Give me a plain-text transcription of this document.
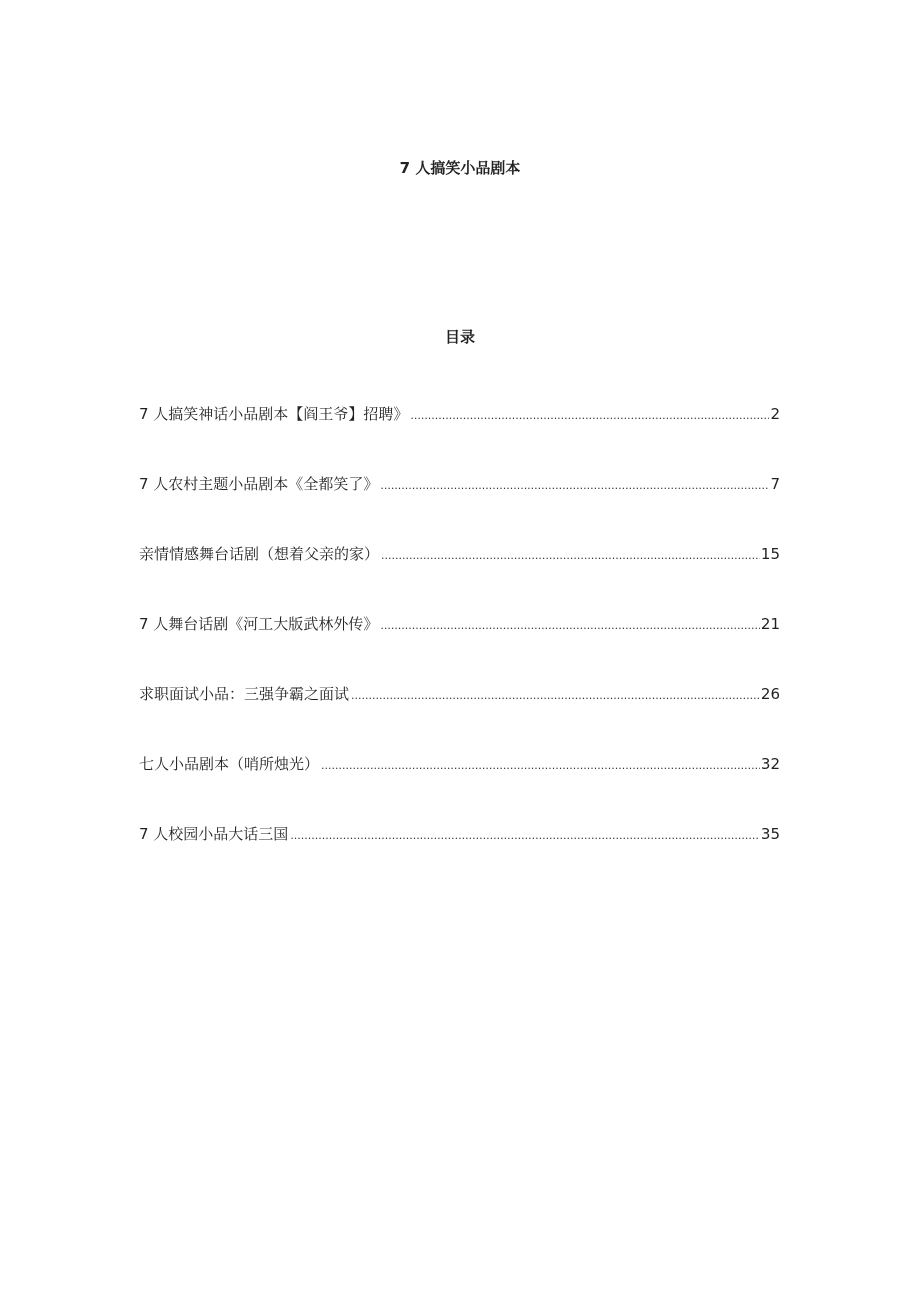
7 人搞笑小品剧本
目录
7 人搞笑神话小品剧本【阎王爷】招聘》 .....	2
7 人农村主题小品剧本《全都笑了》 .....	7
亲情情感舞台话剧（想着父亲的家） .....	15
7 人舞台话剧《河工大版武林外传》 .....	21
求职面试小品：三强争霸之面试 .....	26
七人小品剧本（哨所烛光） .....	32
7 人校园小品大话三国 .....	35
